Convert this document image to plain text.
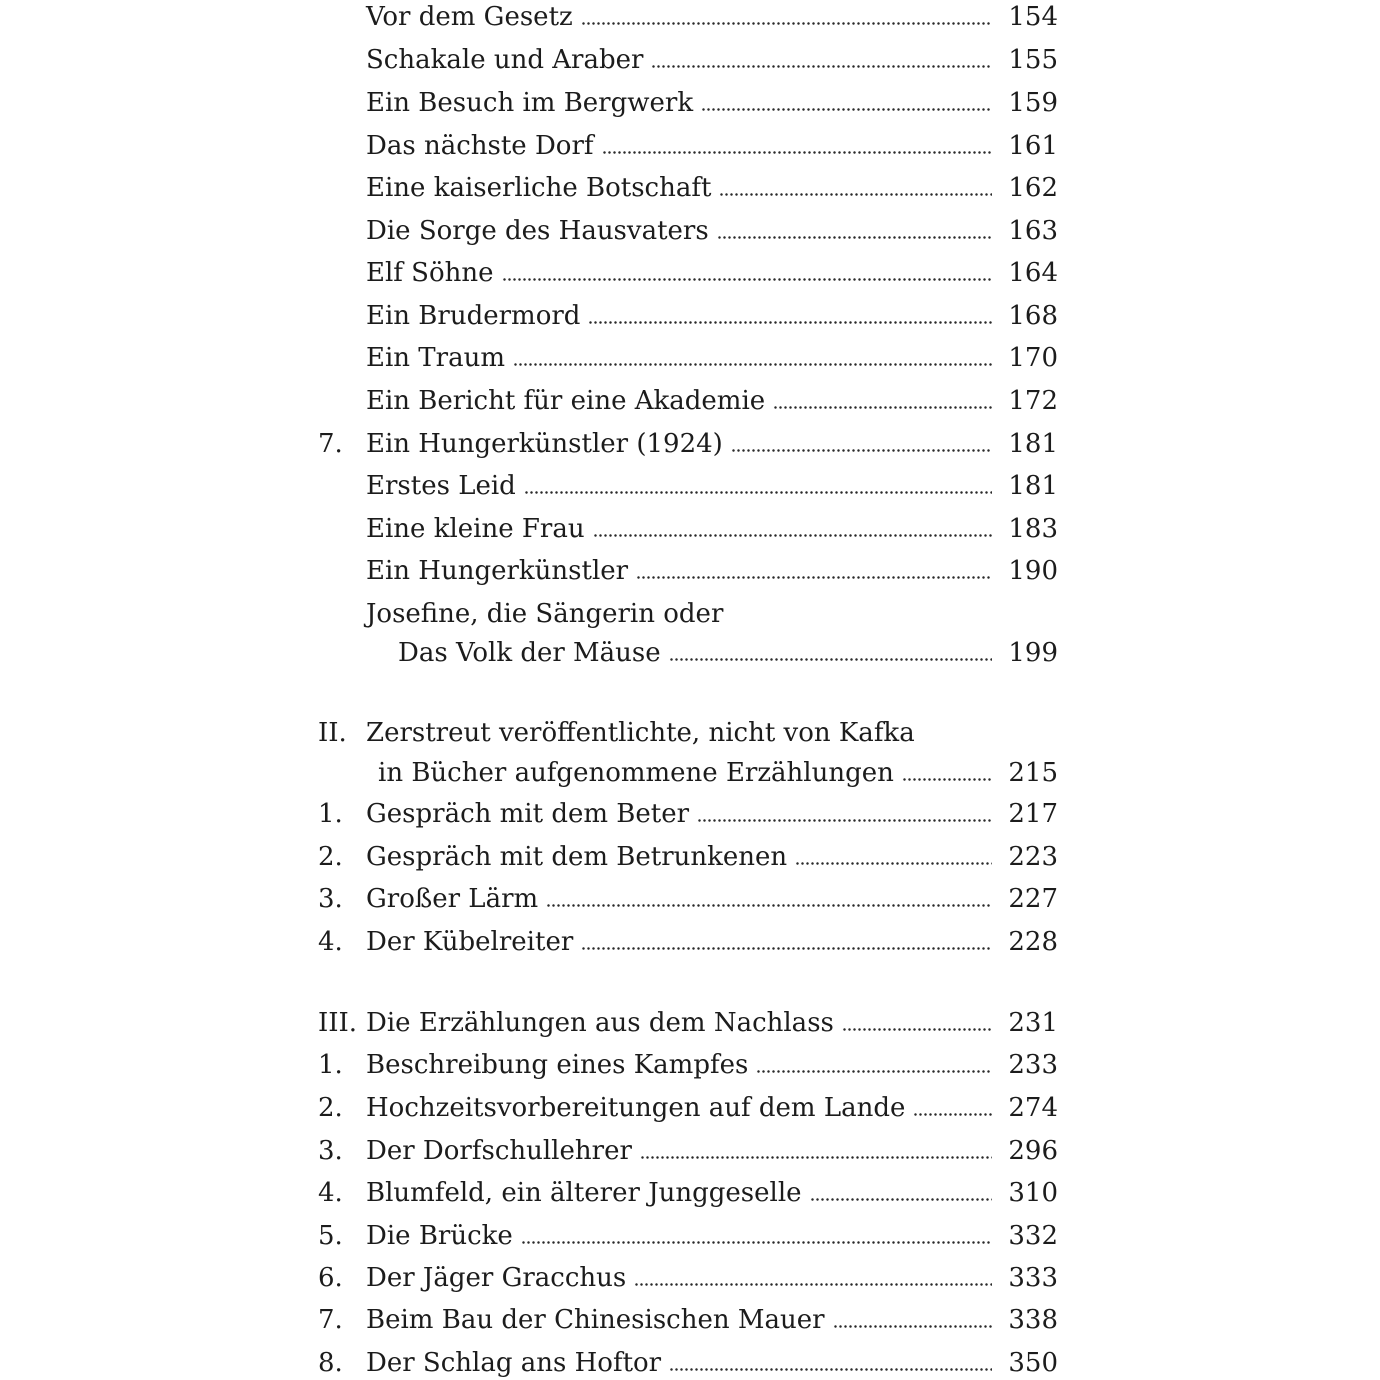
Vor dem Gesetz	154
Schakale und Araber	155
Ein Besuch im Bergwerk	159
Das nächste Dorf	161
Eine kaiserliche Botschaft	162
Die Sorge des Hausvaters	163
Elf Söhne	164
Ein Brudermord	168
Ein Traum	170
Ein Bericht für eine Akademie	172
7. Ein Hungerkünstler (1924)	181
Erstes Leid	181
Eine kleine Frau	183
Ein Hungerkünstler	190
Josefine, die Sängerin oder
Das Volk der Mäuse	199
II. Zerstreut veröffentlichte, nicht von Kafka
in Bücher aufgenommene Erzählungen	215
1. Gespräch mit dem Beter	217
2. Gespräch mit dem Betrunkenen	223
3. Großer Lärm	227
4. Der Kübelreiter	228
III. Die Erzählungen aus dem Nachlass	231
1. Beschreibung eines Kampfes	233
2. Hochzeitsvorbereitungen auf dem Lande	274
3. Der Dorfschullehrer	296
4. Blumfeld, ein älterer Junggeselle	310
5. Die Brücke	332
6. Der Jäger Gracchus	333
7. Beim Bau der Chinesischen Mauer	338
8. Der Schlag ans Hoftor	350
